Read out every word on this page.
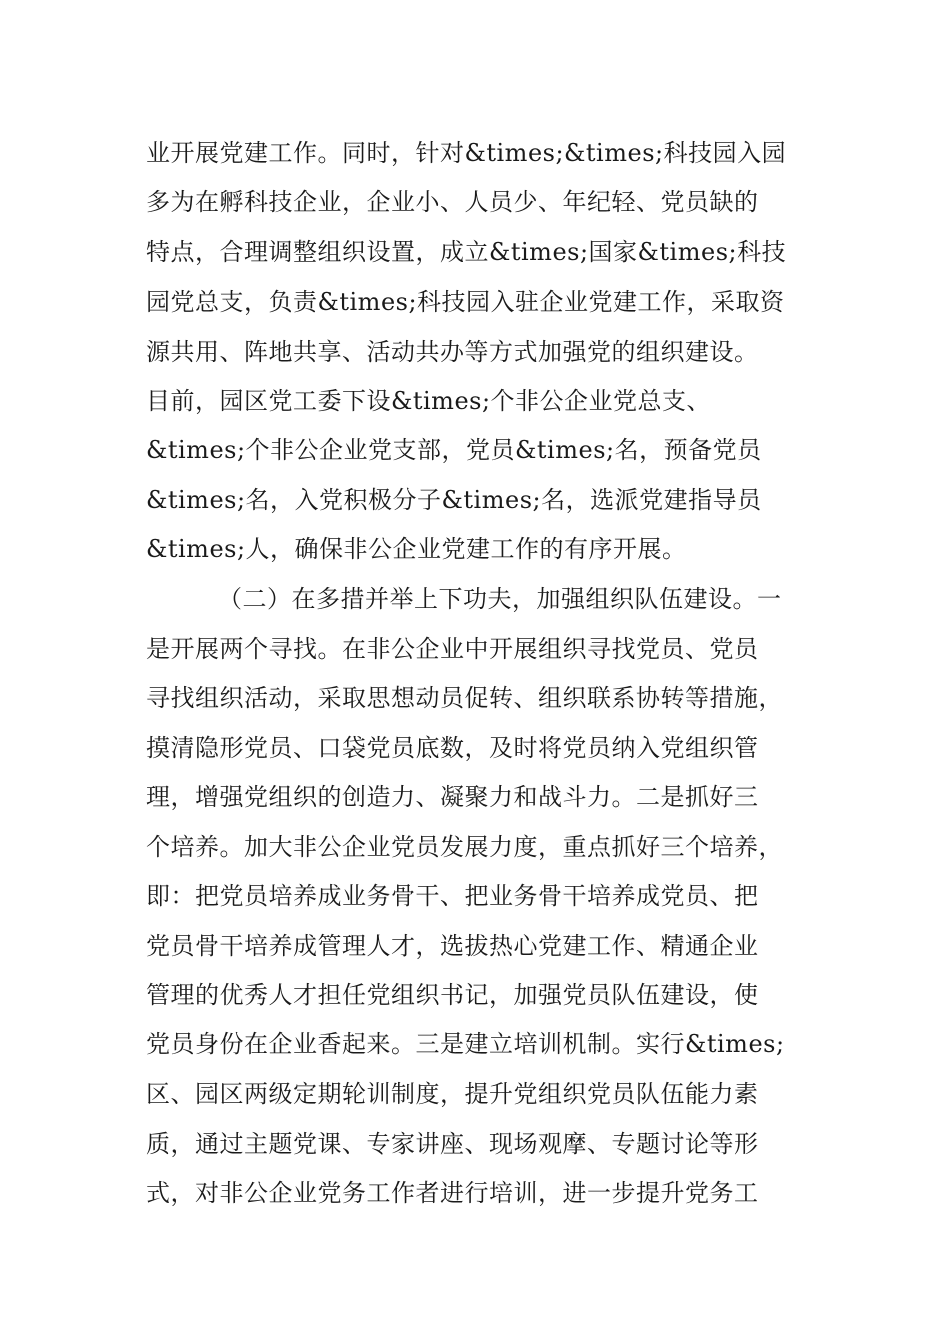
业开展党建工作。同时，针对&times;&times;科技园入园
多为在孵科技企业，企业小、人员少、年纪轻、党员缺的
特点，合理调整组织设置，成立&times;国家&times;科技
园党总支，负责&times;科技园入驻企业党建工作，采取资
源共用、阵地共享、活动共办等方式加强党的组织建设。
目前，园区党工委下设&times;个非公企业党总支、
&times;个非公企业党支部，党员&times;名，预备党员
&times;名，入党积极分子&times;名，选派党建指导员
&times;人，确保非公企业党建工作的有序开展。
（二）在多措并举上下功夫，加强组织队伍建设。一
是开展两个寻找。在非公企业中开展组织寻找党员、党员
寻找组织活动，采取思想动员促转、组织联系协转等措施，
摸清隐形党员、口袋党员底数，及时将党员纳入党组织管
理，增强党组织的创造力、凝聚力和战斗力。二是抓好三
个培养。加大非公企业党员发展力度，重点抓好三个培养，
即：把党员培养成业务骨干、把业务骨干培养成党员、把
党员骨干培养成管理人才，选拔热心党建工作、精通企业
管理的优秀人才担任党组织书记，加强党员队伍建设，使
党员身份在企业香起来。三是建立培训机制。实行&times;
区、园区两级定期轮训制度，提升党组织党员队伍能力素
质，通过主题党课、专家讲座、现场观摩、专题讨论等形
式，对非公企业党务工作者进行培训，进一步提升党务工
